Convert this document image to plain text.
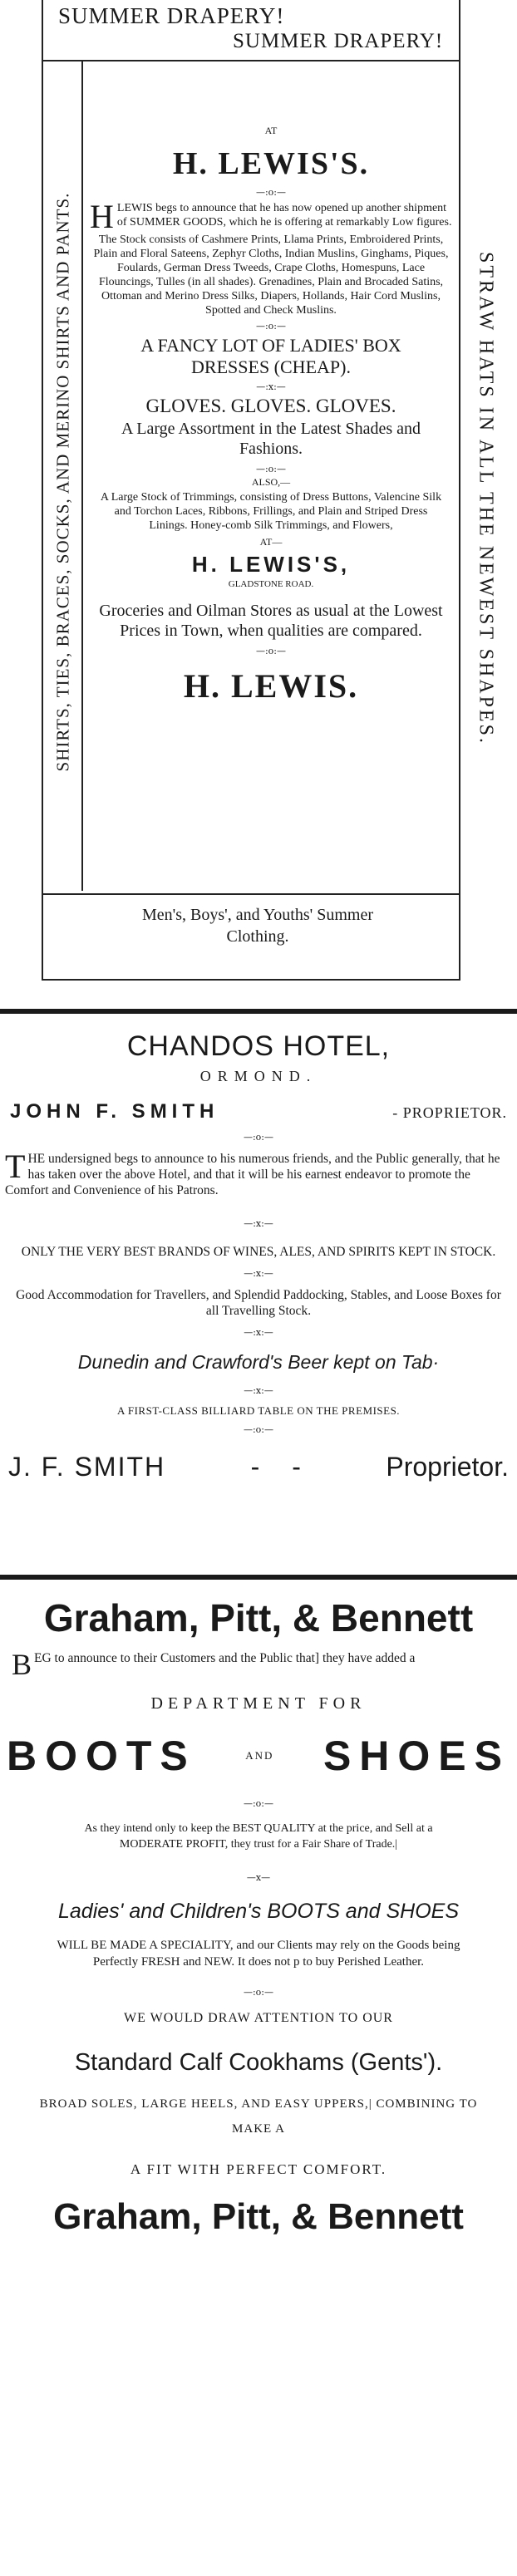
SUMMER DRAPERY!
SUMMER DRAPERY!
SHIRTS, TIES, BRACES, SOCKS, AND MERINO SHIRTS AND PANTS.	STRAW HATS IN ALL THE NEWEST SHAPES.
AT
H. LEWIS'S.
—:o:—
H LEWIS begs to announce that he has now opened up another shipment of SUMMER GOODS, which he is offering at remarkably Low figures.
The Stock consists of Cashmere Prints, Llama Prints, Embroidered Prints, Plain and Floral Sateens, Zephyr Cloths, Indian Muslins, Ginghams, Piques, Foulards, German Dress Tweeds, Crape Cloths, Homespuns, Lace Flouncings, Tulles (in all shades). Grenadines, Plain and Brocaded Satins, Ottoman and Merino Dress Silks, Diapers, Hollands, Hair Cord Muslins, Spotted and Check Muslins.
—:o:—
A FANCY LOT OF LADIES' BOX DRESSES (CHEAP).
—:x:—
GLOVES. GLOVES. GLOVES.
A Large Assortment in the Latest Shades and Fashions.
—:o:—
ALSO,—
A Large Stock of Trimmings, consisting of Dress Buttons, Valencine Silk and Torchon Laces, Ribbons, Frillings, and Plain and Striped Dress Linings. Honey-comb Silk Trimmings, and Flowers,
AT—
H. LEWIS'S,
GLADSTONE ROAD.
Groceries and Oilman Stores as usual at the Lowest Prices in Town, when qualities are compared.
—:o:—
H. LEWIS.
Men's, Boys', and Youths' Summer Clothing.
CHANDOS HOTEL,
ORMOND.
JOHN F. SMITH	- PROPRIETOR.
—:o:—
T HE undersigned begs to announce to his numerous friends, and the Public generally, that he has taken over the above Hotel, and that it will be his earnest endeavor to promote the Comfort and Convenience of his Patrons.
—:x:—
ONLY THE VERY BEST BRANDS OF WINES, ALES, AND SPIRITS KEPT IN STOCK.
—:x:—
Good Accommodation for Travellers, and Splendid Paddocking, Stables, and Loose Boxes for all Travelling Stock.
—:x:—
Dunedin and Crawford's Beer kept on Tab·
—:x:—
A FIRST-CLASS BILLIARD TABLE ON THE PREMISES.
—:o:—
J. F. SMITH	- -	Proprietor.
Graham, Pitt, & Bennett
B EG to announce to their Customers and the Public that] they have added a
DEPARTMENT FOR
BOOTS	AND SHOES
—:o:—
As they intend only to keep the BEST QUALITY at the price, and Sell at a MODERATE PROFIT, they trust for a Fair Share of Trade.|
—x—
Ladies' and Children's BOOTS and SHOES
WILL BE MADE A SPECIALITY, and our Clients may rely on the Goods being Perfectly FRESH and NEW. It does not p to buy Perished Leather.
—:o:—
WE WOULD DRAW ATTENTION TO OUR
Standard Calf Cookhams (Gents').
BROAD SOLES, LARGE HEELS, AND EASY UPPERS,| COMBINING TO MAKE A
A FIT WITH PERFECT COMFORT.
Graham, Pitt, & Bennett
